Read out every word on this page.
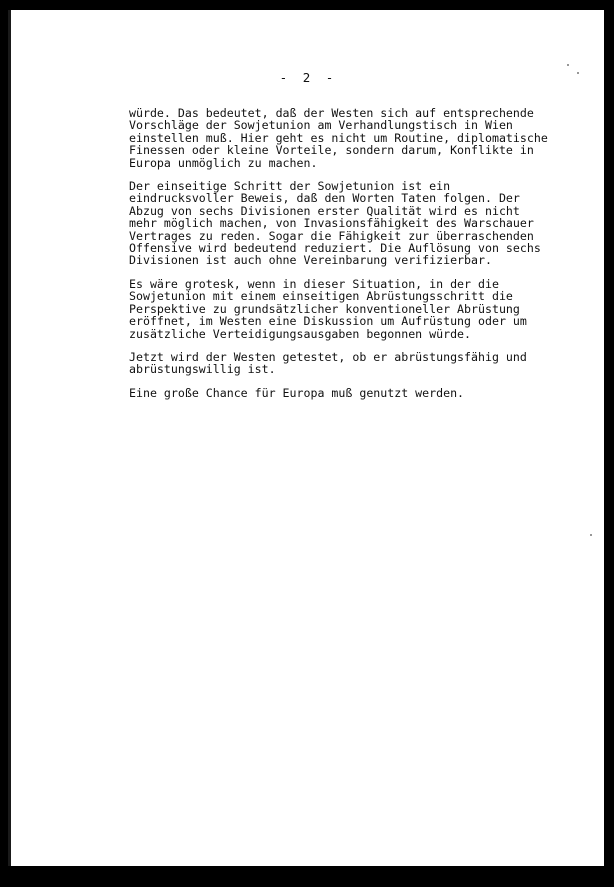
- 2 -

würde. Das bedeutet, daß der Westen sich auf entsprechende
Vorschläge der Sowjetunion am Verhandlungstisch in Wien
einstellen muß. Hier geht es nicht um Routine, diplomatische
Finessen oder kleine Vorteile, sondern darum, Konflikte in
Europa unmöglich zu machen.

Der einseitige Schritt der Sowjetunion ist ein
eindrucksvoller Beweis, daß den Worten Taten folgen. Der
Abzug von sechs Divisionen erster Qualität wird es nicht
mehr möglich machen, von Invasionsfähigkeit des Warschauer
Vertrages zu reden. Sogar die Fähigkeit zur überraschenden
Offensive wird bedeutend reduziert. Die Auflösung von sechs
Divisionen ist auch ohne Vereinbarung verifizierbar.

Es wäre grotesk, wenn in dieser Situation, in der die
Sowjetunion mit einem einseitigen Abrüstungsschritt die
Perspektive zu grundsätzlicher konventioneller Abrüstung
eröffnet, im Westen eine Diskussion um Aufrüstung oder um
zusätzliche Verteidigungsausgaben begonnen würde.

Jetzt wird der Westen getestet, ob er abrüstungsfähig und
abrüstungswillig ist.

Eine große Chance für Europa muß genutzt werden.
